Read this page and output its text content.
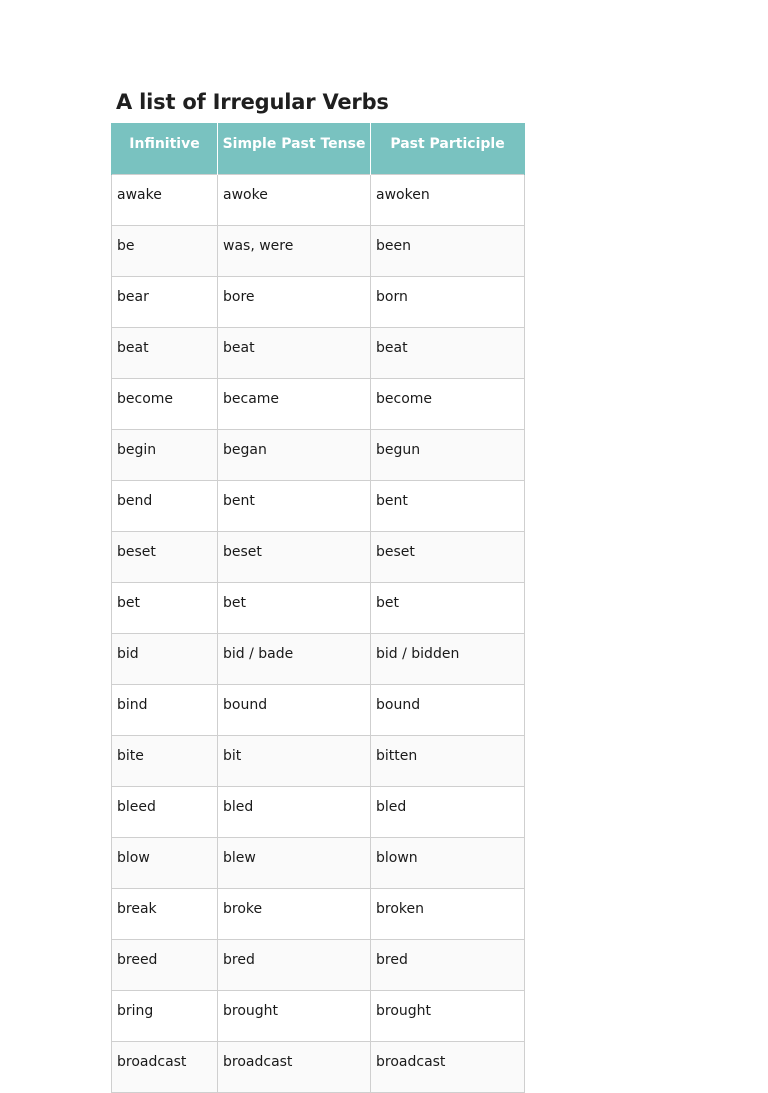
A list of Irregular Verbs
Infinitive	Simple Past Tense	Past Participle
awake	awoke	awoken
be	was, were	been
bear	bore	born
beat	beat	beat
become	became	become
begin	began	begun
bend	bent	bent
beset	beset	beset
bet	bet	bet
bid	bid / bade	bid / bidden
bind	bound	bound
bite	bit	bitten
bleed	bled	bled
blow	blew	blown
break	broke	broken
breed	bred	bred
bring	brought	brought
broadcast	broadcast	broadcast
